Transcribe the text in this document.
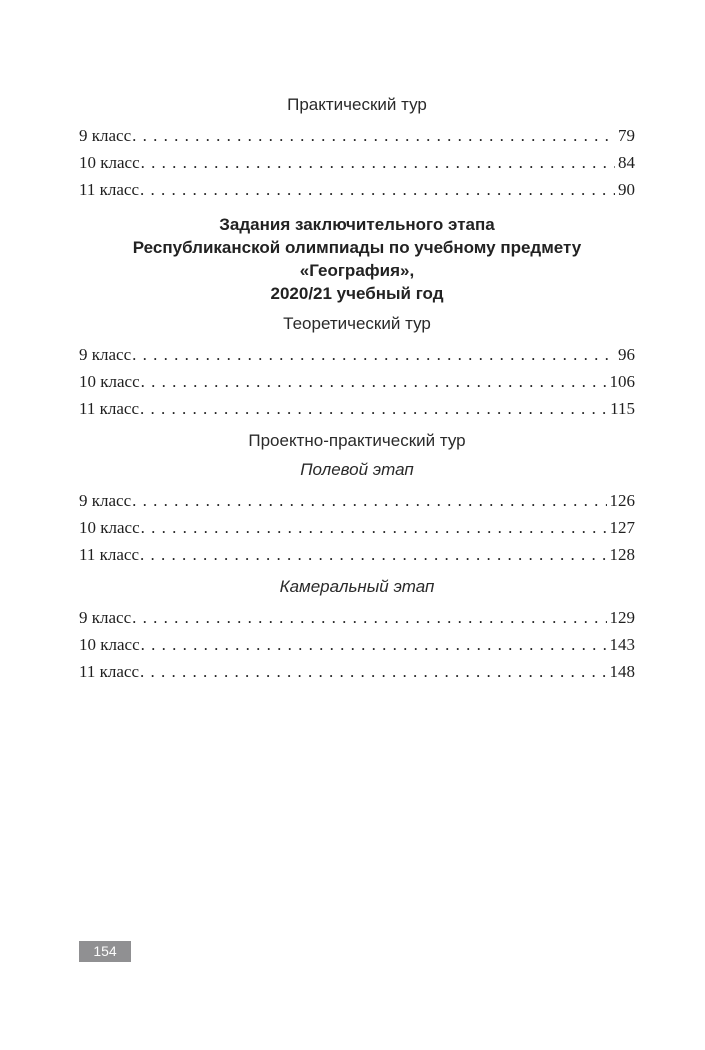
Практический тур
9 класс . . .	79
10 класс . . .	84
11 класс . . .	90
Задания заключительного этапа
Республиканской олимпиады по учебному предмету «География»,
2020/21 учебный год
Теоретический тур
9 класс . . .	96
10 класс . . .	106
11 класс . . .	115
Проектно-практический тур
Полевой этап
9 класс . . .	126
10 класс . . .	127
11 класс . . .	128
Камеральный этап
9 класс . . .	129
10 класс . . .	143
11 класс . . .	148
154
